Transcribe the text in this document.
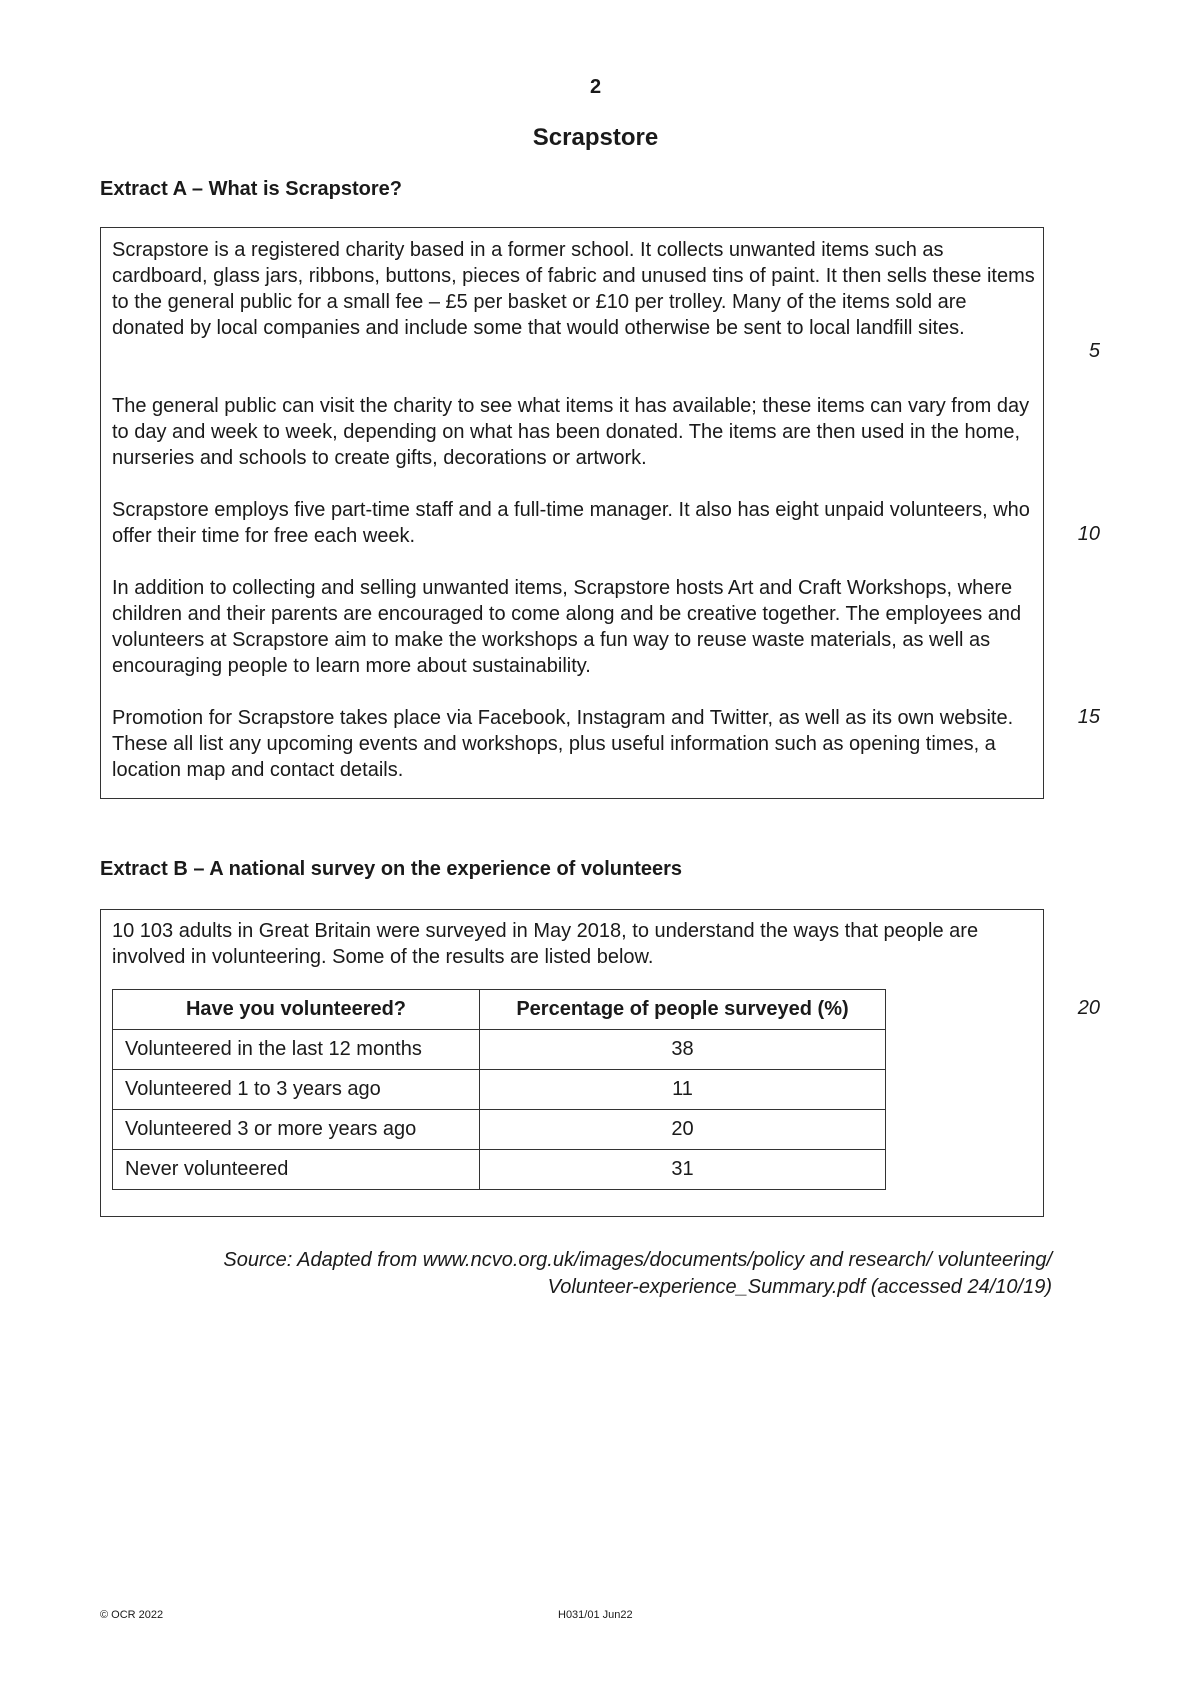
2
Scrapstore
Extract A – What is Scrapstore?

Scrapstore is a registered charity based in a former school. It collects unwanted items such as cardboard, glass jars, ribbons, buttons, pieces of fabric and unused tins of paint. It then sells these items to the general public for a small fee – £5 per basket or £10 per trolley. Many of the items sold are donated by local companies and include some that would otherwise be sent to local landfill sites.

The general public can visit the charity to see what items it has available; these items can vary from day to day and week to week, depending on what has been donated. The items are then used in the home, nurseries and schools to create gifts, decorations or artwork.

Scrapstore employs five part-time staff and a full-time manager. It also has eight unpaid volunteers, who offer their time for free each week.

In addition to collecting and selling unwanted items, Scrapstore hosts Art and Craft Workshops, where children and their parents are encouraged to come along and be creative together. The employees and volunteers at Scrapstore aim to make the workshops a fun way to reuse waste materials, as well as encouraging people to learn more about sustainability.

Promotion for Scrapstore takes place via Facebook, Instagram and Twitter, as well as its own website. These all list any upcoming events and workshops, plus useful information such as opening times, a location map and contact details.

5
10
15
20
Extract B – A national survey on the experience of volunteers

10 103 adults in Great Britain were surveyed in May 2018, to understand the ways that people are involved in volunteering. Some of the results are listed below.

Have you volunteered?	Percentage of people surveyed (%)
Volunteered in the last 12 months	38
Volunteered 1 to 3 years ago	11
Volunteered 3 or more years ago	20
Never volunteered	31
Source: Adapted from www.ncvo.org.uk/images/documents/policy and research/ volunteering/
Volunteer-experience_Summary.pdf (accessed 24/10/19)
© OCR 2022	H031/01 Jun22
